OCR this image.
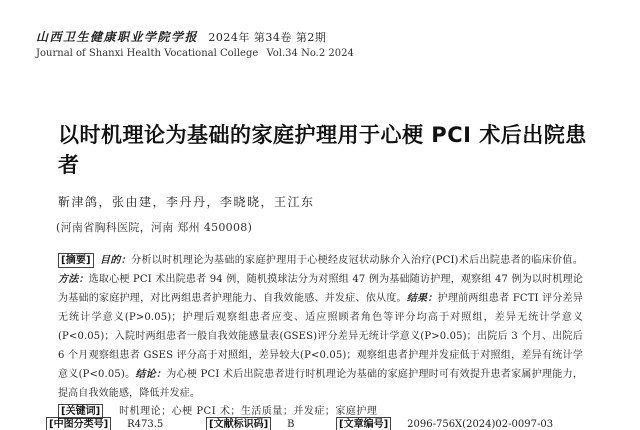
山西卫生健康职业学院学报 2024年 第34卷 第2期
Journal of Shanxi Health Vocational College Vol.34 No.2 2024
以时机理论为基础的家庭护理用于心梗 PCI 术后出院患者
靳津鸽，张由建，李丹丹，李晓晓，王江东
(河南省胸科医院，河南 郑州 450008)
[摘要] 目的：分析以时机理论为基础的家庭护理用于心梗经皮冠状动脉介入治疗(PCI)术后出院患者的临床价值。方法：选取心梗 PCI 术出院患者 94 例，随机摸球法分为对照组 47 例为基础随访护理，观察组 47 例为以时机理论为基础的家庭护理，对比两组患者护理能力、自我效能感、并发症、依从度。结果：护理前两组患者 FCTI 评分差异无统计学意义(P>0.05)；护理后观察组患者应变、适应照顾者角色等评分均高于对照组，差异无统计学意义(P<0.05)；入院时两组患者一般自我效能感量表(GSES)评分差异无统计学意义(P>0.05)；出院后 3 个月、出院后 6 个月观察组患者 GSES 评分高于对照组，差异较大(P<0.05)；观察组患者护理并发症低于对照组，差异有统计学意义(P<0.05)。结论：为心梗 PCI 术后出院患者进行时机理论为基础的家庭护理时可有效提升患者家属护理能力，提高自我效能感，降低并发症。
[关键词] 时机理论；心梗 PCI 术；生活质量；并发症；家庭护理
[中图分类号] R473.5	[文献标识码] B	[文章编号] 2096-756X(2024)02-0097-03
